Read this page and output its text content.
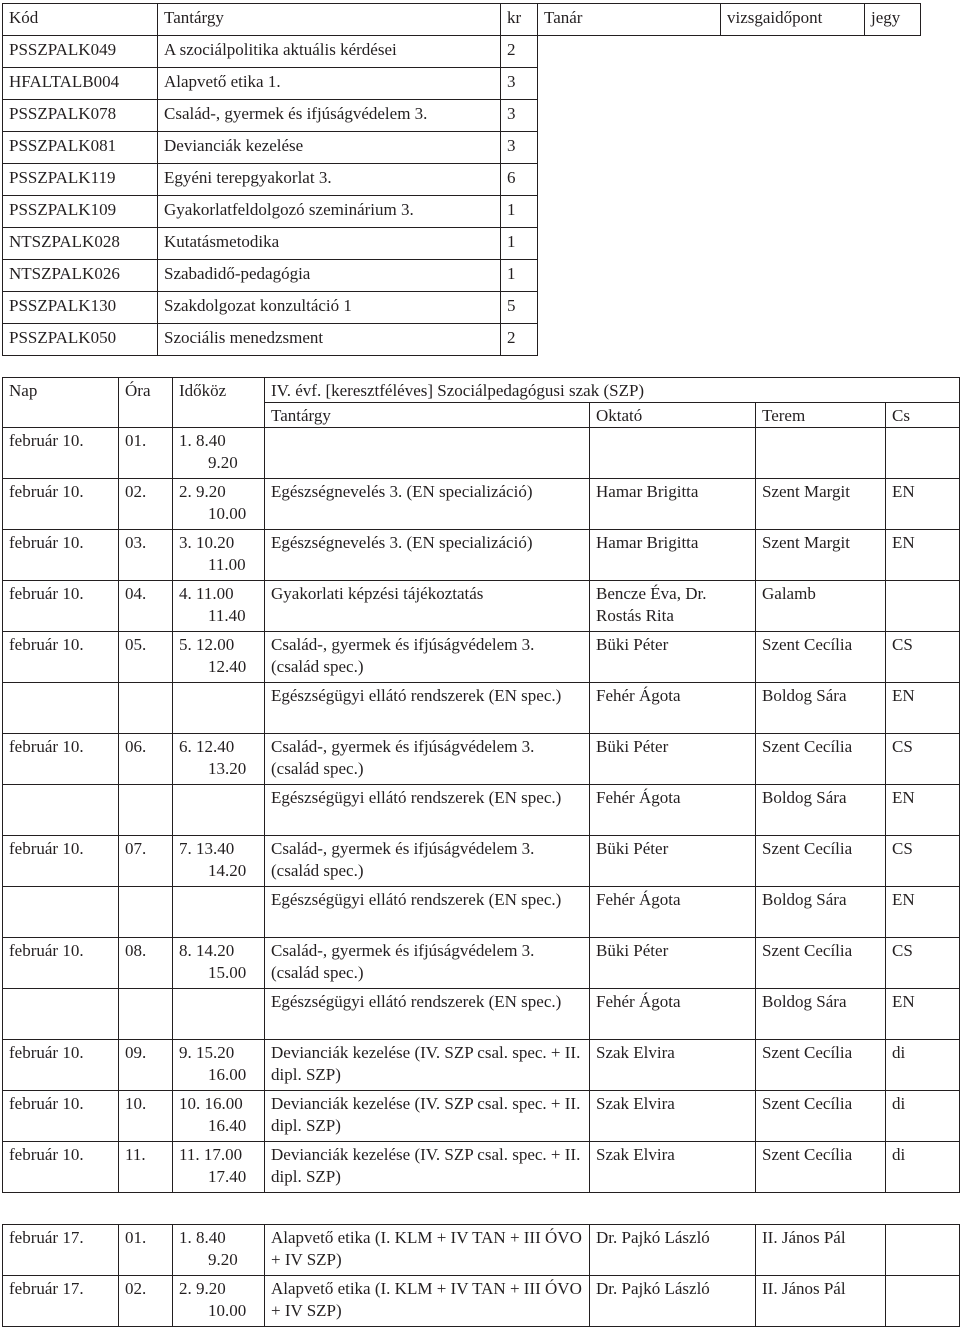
Kód	Tantárgy	kr	Tanár	vizsgaidőpont	jegy
PSSZPALK049	A szociálpolitika aktuális kérdései	2			
HFALTALB004	Alapvető etika 1.	3			
PSSZPALK078	Család-, gyermek és ifjúságvédelem 3.	3			
PSSZPALK081	Devianciák kezelése	3			
PSSZPALK119	Egyéni terepgyakorlat 3.	6			
PSSZPALK109	Gyakorlatfeldolgozó szeminárium 3.	1			
NTSZPALK028	Kutatásmetodika	1			
NTSZPALK026	Szabadidő-pedagógia	1			
PSSZPALK130	Szakdolgozat konzultáció 1	5			
PSSZPALK050	Szociális menedzsment	2			
Nap	Óra	Időköz	IV. évf. [keresztféléves] Szociálpedagógusi szak (SZP)			
			Tantárgy	Oktató	Terem	Cs
február 10.	01.	1. 8.40
9.20				

február 10.	02.	2. 9.20
10.00	Egészségnevelés 3. (EN specializáció)	Hamar Brigitta	Szent Margit	EN
február 10.	03.	3. 10.20
11.00	Egészségnevelés 3. (EN specializáció)	Hamar Brigitta	Szent Margit	EN
február 10.	04.	4. 11.00
11.40	Gyakorlati képzési tájékoztatás	Bencze Éva, Dr. Rostás Rita	Galamb	
február 10.	05.	5. 12.00
12.40	Család-, gyermek és ifjúságvédelem 3. (család spec.)	Büki Péter	Szent Cecília	CS

	Egészségügyi ellátó rendszerek (EN spec.)	Fehér Ágota	Boldog Sára	EN
február 10.	06.	6. 12.40
13.20	Család-, gyermek és ifjúságvédelem 3. (család spec.)	Büki Péter	Szent Cecília	CS

	Egészségügyi ellátó rendszerek (EN spec.)	Fehér Ágota	Boldog Sára	EN
február 10.	07.	7. 13.40
14.20	Család-, gyermek és ifjúságvédelem 3. (család spec.)	Büki Péter	Szent Cecília	CS

	Egészségügyi ellátó rendszerek (EN spec.)	Fehér Ágota	Boldog Sára	EN
február 10.	08.	8. 14.20
15.00	Család-, gyermek és ifjúságvédelem 3. (család spec.)	Büki Péter	Szent Cecília	CS

	Egészségügyi ellátó rendszerek (EN spec.)	Fehér Ágota	Boldog Sára	EN
február 10.	09.	9. 15.20
16.00	Devianciák kezelése (IV. SZP csal. spec. + II. dipl. SZP)	Szak Elvira	Szent Cecília	di
február 10.	10.	10. 16.00
16.40	Devianciák kezelése (IV. SZP csal. spec. + II. dipl. SZP)	Szak Elvira	Szent Cecília	di
február 10.	11.	11. 17.00
17.40	Devianciák kezelése (IV. SZP csal. spec. + II. dipl. SZP)	Szak Elvira	Szent Cecília	di

február 17.	01.	1. 8.40
9.20	Alapvető etika (I. KLM + IV TAN + III ÓVO + IV SZP)	Dr. Pajkó László	II. János Pál	
február 17.	02.	2. 9.20
10.00	Alapvető etika (I. KLM + IV TAN + III ÓVO + IV SZP)	Dr. Pajkó László	II. János Pál	
